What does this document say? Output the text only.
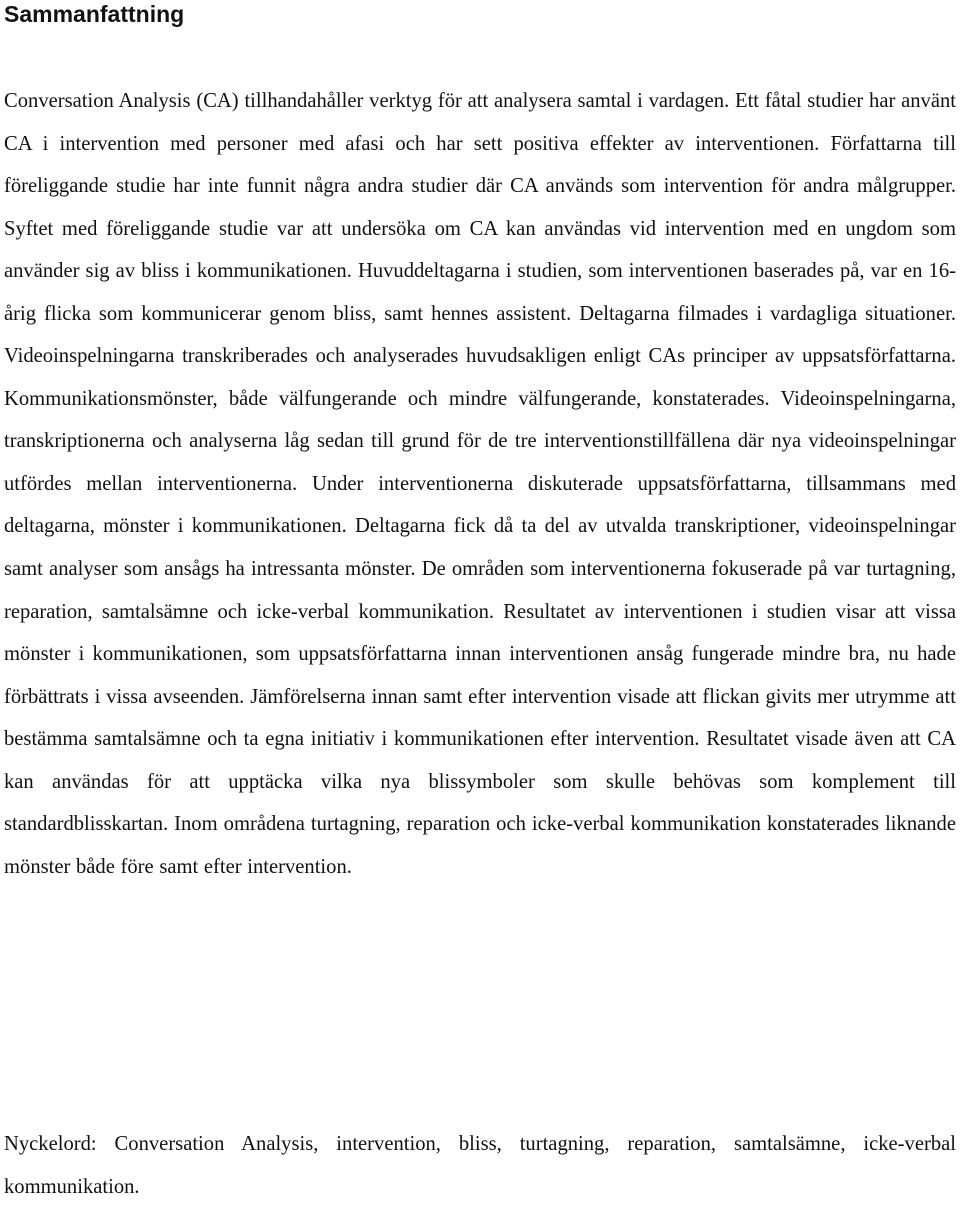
Sammanfattning

Conversation Analysis (CA) tillhandahåller verktyg för att analysera samtal i vardagen. Ett fåtal studier har använt CA i intervention med personer med afasi och har sett positiva effekter av interventionen. Författarna till föreliggande studie har inte funnit några andra studier där CA används som intervention för andra målgrupper. Syftet med föreliggande studie var att undersöka om CA kan användas vid intervention med en ungdom som använder sig av bliss i kommunikationen. Huvuddeltagarna i studien, som interventionen baserades på, var en 16-årig flicka som kommunicerar genom bliss, samt hennes assistent. Deltagarna filmades i vardagliga situationer. Videoinspelningarna transkriberades och analyserades huvudsakligen enligt CAs principer av uppsatsförfattarna. Kommunikationsmönster, både välfungerande och mindre välfungerande, konstaterades. Videoinspelningarna, transkriptionerna och analyserna låg sedan till grund för de tre interventionstillfällena där nya videoinspelningar utfördes mellan interventionerna. Under interventionerna diskuterade uppsatsförfattarna, tillsammans med deltagarna, mönster i kommunikationen. Deltagarna fick då ta del av utvalda transkriptioner, videoinspelningar samt analyser som ansågs ha intressanta mönster. De områden som interventionerna fokuserade på var turtagning, reparation, samtalsämne och icke-verbal kommunikation. Resultatet av interventionen i studien visar att vissa mönster i kommunikationen, som uppsatsförfattarna innan interventionen ansåg fungerade mindre bra, nu hade förbättrats i vissa avseenden. Jämförelserna innan samt efter intervention visade att flickan givits mer utrymme att bestämma samtalsämne och ta egna initiativ i kommunikationen efter intervention. Resultatet visade även att CA kan användas för att upptäcka vilka nya blissymboler som skulle behövas som komplement till standardblisskartan. Inom områdena turtagning, reparation och icke-verbal kommunikation konstaterades liknande mönster både före samt efter intervention.

Nyckelord: Conversation Analysis, intervention, bliss, turtagning, reparation, samtalsämne, icke-verbal kommunikation.
